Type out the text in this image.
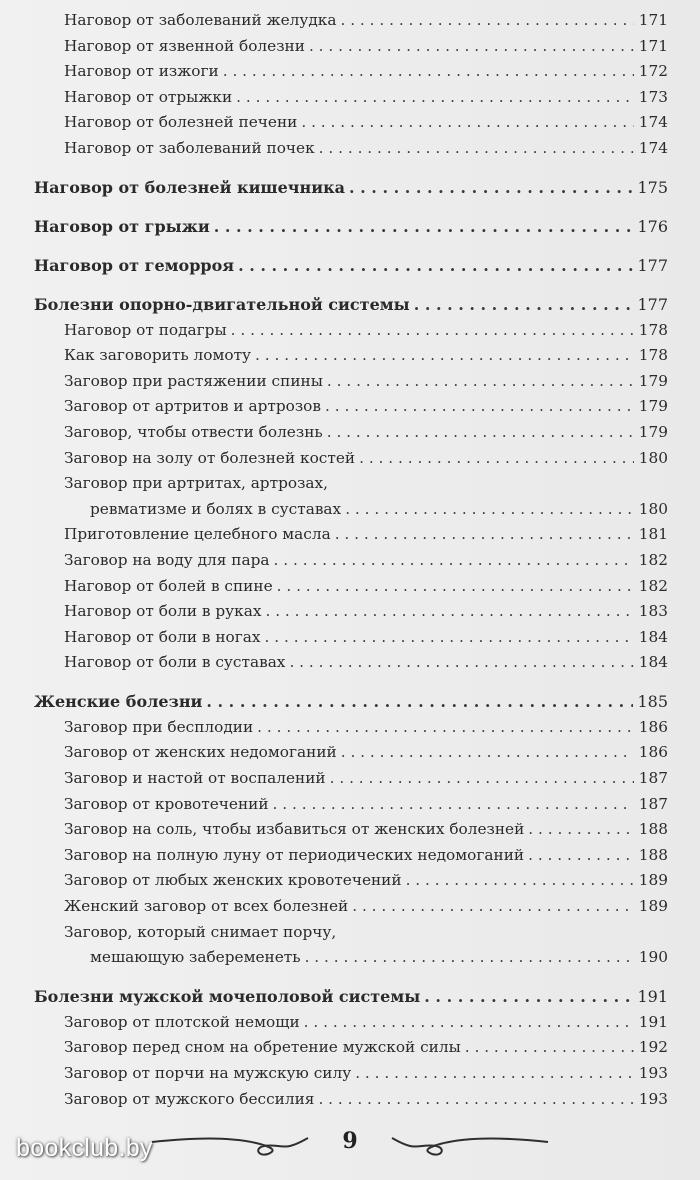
Наговор от заболеваний желудка . . .	171
Наговор от язвенной болезни . . .	171
Наговор от изжоги . . .	172
Наговор от отрыжки . . .	173
Наговор от болезней печени . . .	174
Наговор от заболеваний почек . . .	174
Наговор от болезней кишечника . . .	175
Наговор от грыжи . . .	176
Наговор от геморроя . . .	177
Болезни опорно-двигательной системы . . .	177
Наговор от подагры . . .	178
Как заговорить ломоту . . .	178
Заговор при растяжении спины . . .	179
Заговор от артритов и артрозов . . .	179
Заговор, чтобы отвести болезнь . . .	179
Заговор на золу от болезней костей . . .	180
Заговор при артритах, артрозах,
ревматизме и болях в суставах . . .	180
Приготовление целебного масла . . .	181
Заговор на воду для пара . . .	182
Наговор от болей в спине . . .	182
Наговор от боли в руках . . .	183
Наговор от боли в ногах . . .	184
Наговор от боли в суставах . . .	184
Женские болезни . . .	185
Заговор при бесплодии . . .	186
Заговор от женских недомоганий . . .	186
Заговор и настой от воспалений . . .	187
Заговор от кровотечений . . .	187
Заговор на соль, чтобы избавиться от женских болезней . . .	188
Заговор на полную луну от периодических недомоганий . . .	188
Заговор от любых женских кровотечений . . .	189
Женский заговор от всех болезней . . .	189
Заговор, который снимает порчу,
мешающую забеременеть . . .	190
Болезни мужской мочеполовой системы . . .	191
Заговор от плотской немощи . . .	191
Заговор перед сном на обретение мужской силы . . .	192
Заговор от порчи на мужскую силу . . .	193
Заговор от мужского бессилия . . .	193
9
bookclub.by
